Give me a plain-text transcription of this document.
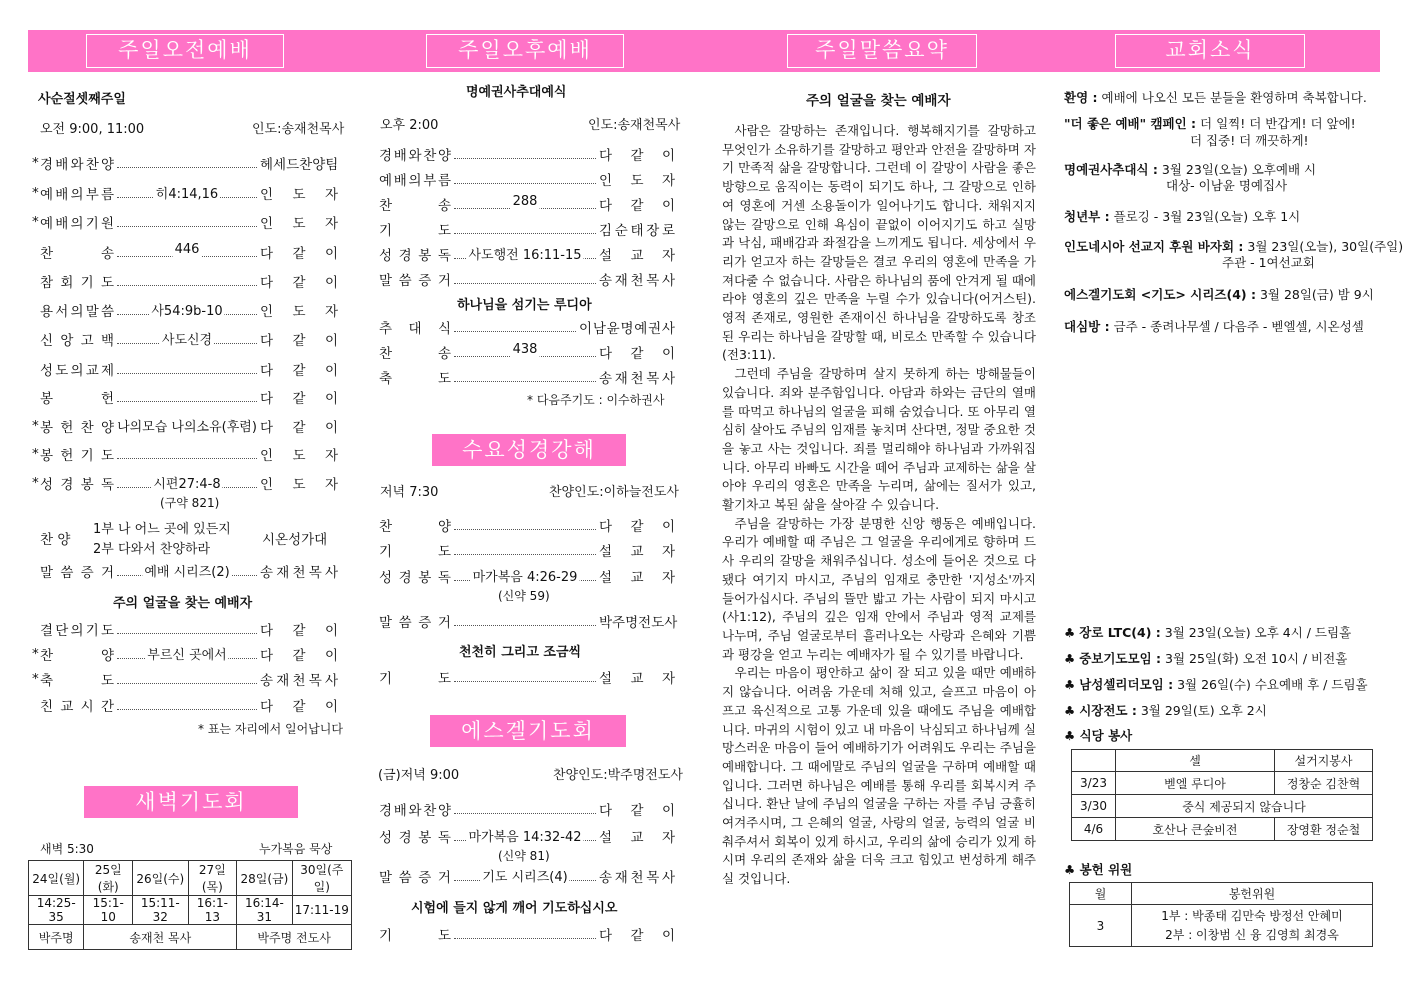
주일오전예배	주일오후예배	주일말씀요약	교회소식
사순절셋째주일
오전 9:00, 11:00	인도:송재천목사
* 경 배 와 찬 양	헤 세 드 찬 양 팀
* 예 배 의 부 름	히4:14,16	인 도 자
* 예 배 의 기 원	인 도 자
찬	송	446	다 같 이
참 회 기 도	다 같 이
용 서 의 말 씀	사54:9b-10	인 도 자
신 앙 고 백	사도신경	다 같 이
성 도 의 교 제	다 같 이
봉	헌	다 같 이
* 봉 헌 찬 양 나의모습 나의소유(후렴) 다 같 이
* 봉 헌 기 도	인 도 자
* 성 경 봉 독	시편27:4-8	인 도 자
(구약 821)
찬 양
1부 나 어느 곳에 있든지
2부 다와서 찬양하라
시온성가대
말 씀 증 거 예배 시리즈(2) 송 재 천 목 사
주의 얼굴을 찾는 예배자
결 단 의 기 도	다 같 이
* 찬	양	부르신 곳에서 다 같 이
* 축	도	송 재 천 목 사
친 교 시 간	다 같 이
* 표는 자리에서 일어납니다
새벽기도회
새벽 5:30	누가복음 묵상
24일(월)	25일(화)	26일(수)	27일(목)	28일(금)	30일(주일)
14:25-35	15:1-10	15:11-32	16:1-13	16:14-31	17:11-19
박주명	송재천 목사			박주명 전도사	
명예권사추대예식
오후 2:00	인도:송재천목사
경 배 와 찬 양	다 같 이
예 배 의 부 름	인 도 자
찬	송	288	다 같 이
기	도	김 순 태 장 로
성 경 봉 독 사도행전 16:11-15 설 교 자
말 씀 증 거	송 재 천 목 사
하나님을 섬기는 루디아
추 대 식	이 남 윤 명 예 권 사
찬	송	438	다 같 이
축	도	송 재 천 목 사
* 다음주기도 : 이수하권사
수요성경강해
저녁 7:30	찬양인도:이하늘전도사
찬	양	다 같 이
기	도	설 교 자
성 경 봉 독 마가복음 4:26-29 설 교 자
(신약 59)
말 씀 증 거	박 주 명 전 도 사
천천히 그리고 조금씩
기	도	설 교 자
에스겔기도회
(금)저녁 9:00	찬양인도:박주명전도사
경 배 와 찬 양	다 같 이
성 경 봉 독 마가복음 14:32-42 설 교 자
(신약 81)
말 씀 증 거 기도 시리즈(4) 송 재 천 목 사
시험에 들지 않게 깨어 기도하십시오
기	도	다 같 이
주의 얼굴을 찾는 예배자

사람은 갈망하는 존재입니다. 행복해지기를 갈망하고 무엇인가 소유하기를 갈망하고 평안과 안전을 갈망하며 자기 만족적 삶을 갈망합니다. 그런데 이 갈망이 사람을 좋은 방향으로 움직이는 동력이 되기도 하나, 그 갈망으로 인하여 영혼에 거센 소용돌이가 일어나기도 합니다. 채워지지 않는 갈망으로 인해 욕심이 끝없이 이어지기도 하고 실망과 낙심, 패배감과 좌절감을 느끼게도 됩니다. 세상에서 우리가 얻고자 하는 갈망들은 결코 우리의 영혼에 만족을 가져다줄 수 없습니다. 사람은 하나님의 품에 안겨게 될 때에라야 영혼의 깊은 만족을 누릴 수가 있습니다(어거스틴). 영적 존재로, 영원한 존재이신 하나님을 갈망하도록 창조된 우리는 하나님을 갈망할 때, 비로소 만족할 수 있습니다(전3:11).

그런데 주님을 갈망하며 살지 못하게 하는 방해물들이 있습니다. 죄와 분주함입니다. 아담과 하와는 금단의 열매를 따먹고 하나님의 얼굴을 피해 숨었습니다. 또 아무리 열심히 살아도 주님의 임재를 놓치며 산다면, 정말 중요한 것을 놓고 사는 것입니다. 죄를 멀리해야 하나님과 가까워집니다. 아무리 바빠도 시간을 떼어 주님과 교제하는 삶을 살아야 우리의 영혼은 만족을 누리며, 삶에는 질서가 있고, 활기차고 복된 삶을 살아갈 수 있습니다.

주님을 갈망하는 가장 분명한 신앙 행동은 예배입니다. 우리가 예배할 때 주님은 그 얼굴을 우리에게로 향하며 드사 우리의 갈망을 채워주십니다. 성소에 들어온 것으로 다 됐다 여기지 마시고, 주님의 임재로 충만한 '지성소'까지 들어가십시다. 주님의 뜰만 밟고 가는 사람이 되지 마시고(사1:12), 주님의 깊은 임재 안에서 주님과 영적 교제를 나누며, 주님 얼굴로부터 흘러나오는 사랑과 은혜와 기쁨과 평강을 얻고 누리는 예배자가 될 수 있기를 바랍니다.

우리는 마음이 평안하고 삶이 잘 되고 있을 때만 예배하지 않습니다. 어려움 가운데 처해 있고, 슬프고 마음이 아프고 육신적으로 고통 가운데 있을 때에도 주님을 예배합니다. 마귀의 시험이 있고 내 마음이 낙심되고 하나님께 실망스러운 마음이 들어 예배하기가 어려워도 우리는 주님을 예배합니다. 그 때에말로 주님의 얼굴을 구하며 예배할 때입니다. 그러면 하나님은 예배를 통해 우리를 회복시켜 주십니다. 환난 날에 주님의 얼굴을 구하는 자를 주님 긍휼히 여겨주시며, 그 은혜의 얼굴, 사랑의 얼굴, 능력의 얼굴 비춰주셔서 회복이 있게 하시고, 우리의 삶에 승리가 있게 하시며 우리의 존재와 삶을 더욱 크고 힘있고 번성하게 해주실 것입니다.

환영 : 예배에 나오신 모든 분들을 환영하며 축복합니다.
"더 좋은 예배" 캠페인 : 더 일찍! 더 반갑게! 더 앞에!
더 집중! 더 깨끗하게!
명예권사추대식 : 3월 23일(오늘) 오후예배 시
대상- 이남윤 명예집사
청년부 : 플로깅 - 3월 23일(오늘) 오후 1시
인도네시아 선교지 후원 바자회 : 3월 23일(오늘), 30일(주일)
주관 - 1여선교회
에스겔기도회 <기도> 시리즈(4) : 3월 28일(금) 밤 9시
대심방 : 금주 - 종려나무셀 / 다음주 - 벧엘셀, 시온성셀
♣ 장로 LTC(4) : 3월 23일(오늘) 오후 4시 / 드림홀
♣ 중보기도모임 : 3월 25일(화) 오전 10시 / 비전홀
♣ 남성셀리더모임 : 3월 26일(수) 수요예배 후 / 드림홀
♣ 시장전도 : 3월 29일(토) 오후 2시
♣ 식당 봉사
	셀	설거지봉사
3/23	벧엘 루디아	정창순 김찬혁
3/30	중식 제공되지 않습니다	
4/6	호산나 큰숲비전	장영환 정순철
♣ 봉헌 위원
월	봉헌위원
3	1부 : 박종태 김만숙 방정선 안혜미
2부 : 이창범 신 융 김영희 최경옥
